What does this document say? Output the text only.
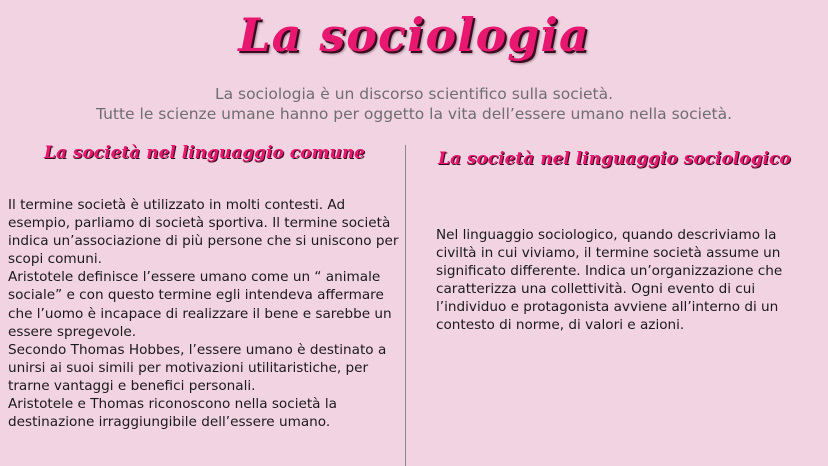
La sociologia
La sociologia è un discorso scientifico sulla società.
Tutte le scienze umane hanno per oggetto la vita dell’essere umano nella società.
La società nel linguaggio comune	La società nel linguaggio sociologico

Il termine società è utilizzato in molti contesti. Ad esempio, parliamo di società sportiva. Il termine società indica un’associazione di più persone che si uniscono per scopi comuni.

Aristotele definisce l’essere umano come un “ animale sociale” e con questo termine egli intendeva affermare che l’uomo è incapace di realizzare il bene e sarebbe un essere spregevole.

Secondo Thomas Hobbes, l’essere umano è destinato a unirsi ai suoi simili per motivazioni utilitaristiche, per trarne vantaggi e benefici personali.

Aristotele e Thomas riconoscono nella società la destinazione irraggiungibile dell’essere umano.

Nel linguaggio sociologico, quando descriviamo la civiltà in cui viviamo, il termine società assume un significato differente. Indica un’organizzazione che caratterizza una collettività. Ogni evento di cui l’individuo e protagonista avviene all’interno di un contesto di norme, di valori e azioni.
